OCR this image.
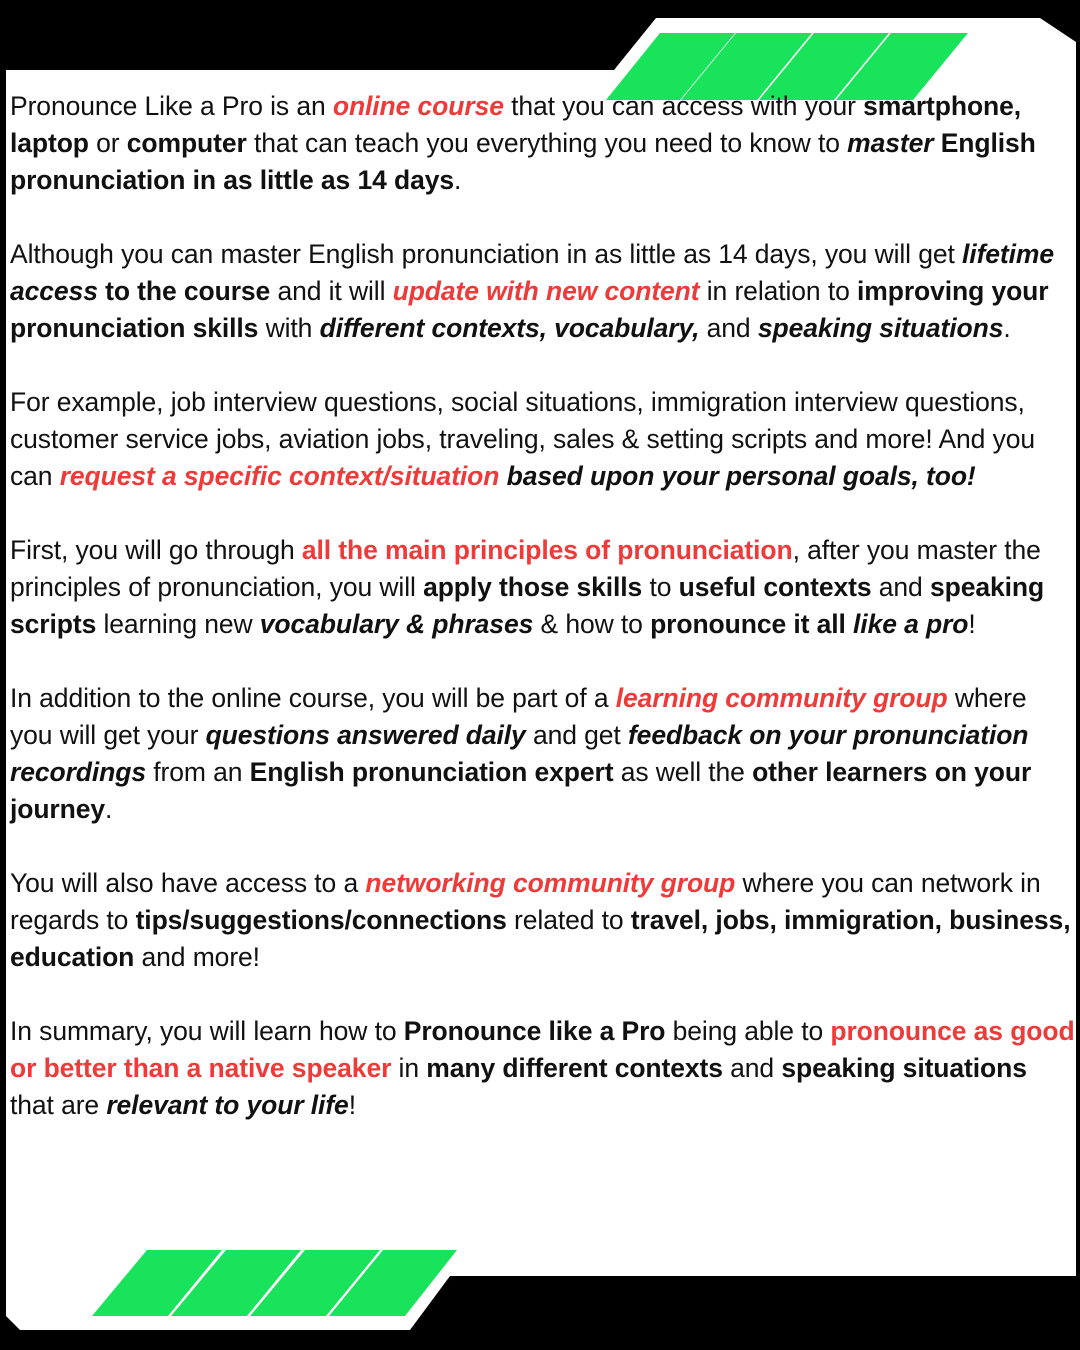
Pronounce Like a Pro is an online course that you can access with your smartphone, laptop or computer that can teach you everything you need to know to master English pronunciation in as little as 14 days.

Although you can master English pronunciation in as little as 14 days, you will get lifetime access to the course and it will update with new content in relation to improving your pronunciation skills with different contexts, vocabulary, and speaking situations.

For example, job interview questions, social situations, immigration interview questions, customer service jobs, aviation jobs, traveling, sales & setting scripts and more! And you can request a specific context/situation based upon your personal goals, too!

First, you will go through all the main principles of pronunciation, after you master the principles of pronunciation, you will apply those skills to useful contexts and speaking scripts learning new vocabulary & phrases & how to pronounce it all like a pro!

In addition to the online course, you will be part of a learning community group where you will get your questions answered daily and get feedback on your pronunciation recordings from an English pronunciation expert as well the other learners on your journey.

You will also have access to a networking community group where you can network in regards to tips/suggestions/connections related to travel, jobs, immigration, business, education and more!

In summary, you will learn how to Pronounce like a Pro being able to pronounce as good or better than a native speaker in many different contexts and speaking situations that are relevant to your life!
